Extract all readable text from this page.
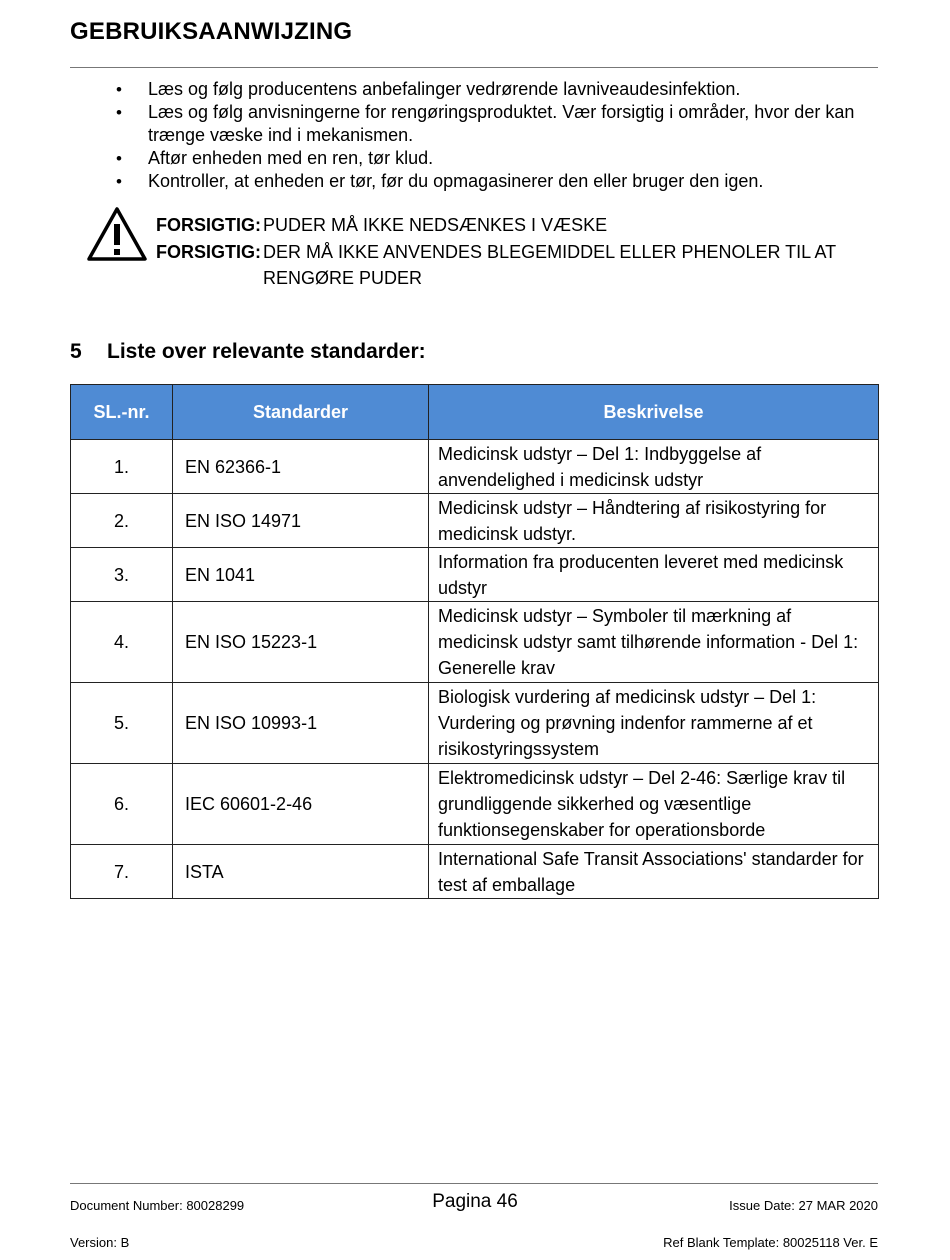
GEBRUIKSAANWIJZING
• Læs og følg producentens anbefalinger vedrørende lavniveaudesinfektion.
• Læs og følg anvisningerne for rengøringsproduktet. Vær forsigtig i områder, hvor der kan trænge væske ind i mekanismen.
• Aftør enheden med en ren, tør klud.
• Kontroller, at enheden er tør, før du opmagasinerer den eller bruger den igen.
FORSIGTIG: PUDER MÅ IKKE NEDSÆNKES I VÆSKE
FORSIGTIG: DER MÅ IKKE ANVENDES BLEGEMIDDEL ELLER PHENOLER TIL AT RENGØRE PUDER
5 Liste over relevante standarder:
SL.-nr.	Standarder	Beskrivelse
1.	EN 62366-1	Medicinsk udstyr – Del 1: Indbyggelse af anvendelighed i medicinsk udstyr
2.	EN ISO 14971	Medicinsk udstyr – Håndtering af risikostyring for medicinsk udstyr.
3.	EN 1041	Information fra producenten leveret med medicinsk udstyr
4.	EN ISO 15223-1	Medicinsk udstyr – Symboler til mærkning af medicinsk udstyr samt tilhørende information - Del 1: Generelle krav
5.	EN ISO 10993-1	Biologisk vurdering af medicinsk udstyr – Del 1: Vurdering og prøvning indenfor rammerne af et risikostyringssystem
6.	IEC 60601-2-46	Elektromedicinsk udstyr – Del 2-46: Særlige krav til grundliggende sikkerhed og væsentlige funktionsegenskaber for operationsborde
7.	ISTA	International Safe Transit Associations' standarder for test af emballage
Document Number: 80028299	Pagina 46	Issue Date: 27 MAR 2020
Version: B	Ref Blank Template: 80025118 Ver. E
